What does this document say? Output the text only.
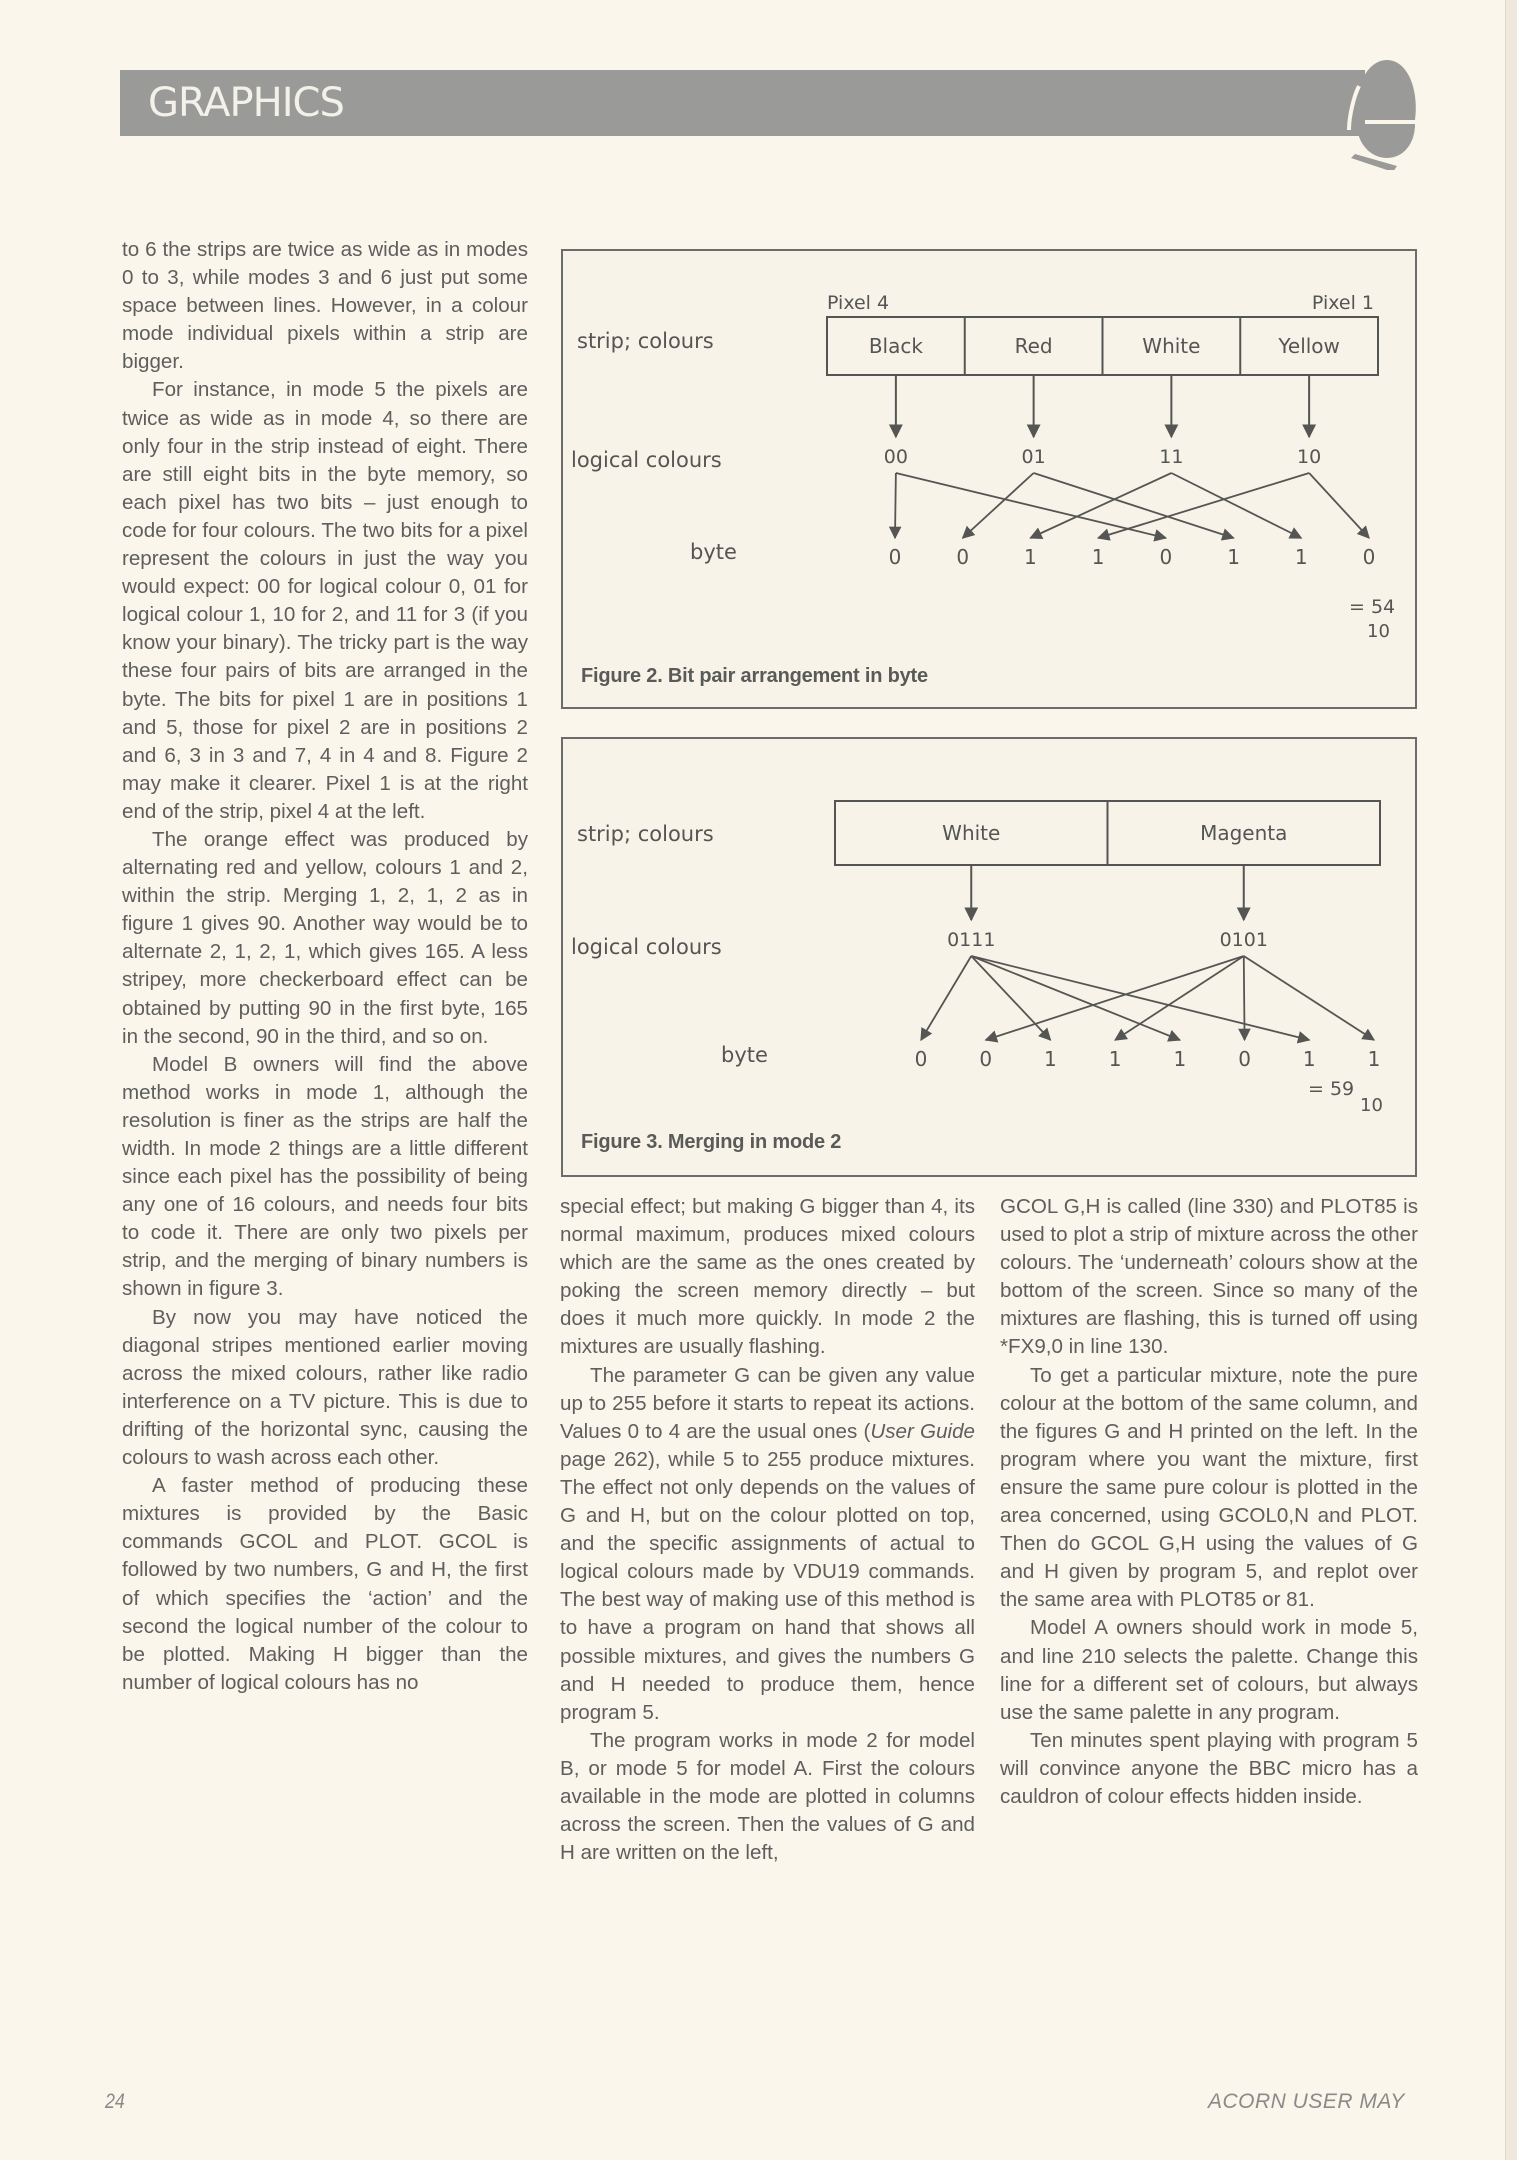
GRAPHICS

to 6 the strips are twice as wide as in modes 0 to 3, while modes 3 and 6 just put some space between lines. However, in a colour mode individual pixels within a strip are bigger.

For instance, in mode 5 the pixels are twice as wide as in mode 4, so there are only four in the strip instead of eight. There are still eight bits in the byte memory, so each pixel has two bits – just enough to code for four colours. The two bits for a pixel represent the colours in just the way you would expect: 00 for logical colour 0, 01 for logical colour 1, 10 for 2, and 11 for 3 (if you know your binary). The tricky part is the way these four pairs of bits are arranged in the byte. The bits for pixel 1 are in positions 1 and 5, those for pixel 2 are in positions 2 and 6, 3 in 3 and 7, 4 in 4 and 8. Figure 2 may make it clearer. Pixel 1 is at the right end of the strip, pixel 4 at the left.

The orange effect was produced by alternating red and yellow, colours 1 and 2, within the strip. Merging 1, 2, 1, 2 as in figure 1 gives 90. Another way would be to alternate 2, 1, 2, 1, which gives 165. A less stripey, more checkerboard effect can be obtained by putting 90 in the first byte, 165 in the second, 90 in the third, and so on.

Model B owners will find the above method works in mode 1, although the resolution is finer as the strips are half the width. In mode 2 things are a little different since each pixel has the possibility of being any one of 16 colours, and needs four bits to code it. There are only two pixels per strip, and the merging of binary numbers is shown in figure 3.

By now you may have noticed the diagonal stripes mentioned earlier moving across the mixed colours, rather like radio interference on a TV picture. This is due to drifting of the horizontal sync, causing the colours to wash across each other.

A faster method of producing these mixtures is provided by the Basic commands GCOL and PLOT. GCOL is followed by two numbers, G and H, the first of which specifies the ‘action’ and the second the logical number of the colour to be plotted. Making H bigger than the number of logical colours has no

strip; colours
logical colours
byte
Black
00
Red
01
White
11
Yellow
10
0	0	1	1	0	1	1	0
= 54
10
Pixel 4	Pixel 1
Figure 2. Bit pair arrangement in byte
strip; colours
logical colours
byte
White
0111
Magenta
0101
0	0	1	1	1	0	1	1
= 59
10
Figure 3. Merging in mode 2

special effect; but making G bigger than 4, its normal maximum, produces mixed colours which are the same as the ones created by poking the screen memory directly – but does it much more quickly. In mode 2 the mixtures are usually flashing.

The parameter G can be given any value up to 255 before it starts to repeat its actions. Values 0 to 4 are the usual ones (User Guide page 262), while 5 to 255 produce mixtures. The effect not only depends on the values of G and H, but on the colour plotted on top, and the specific assignments of actual to logical colours made by VDU19 commands. The best way of making use of this method is to have a program on hand that shows all possible mixtures, and gives the numbers G and H needed to produce them, hence program 5.

The program works in mode 2 for model B, or mode 5 for model A. First the colours available in the mode are plotted in columns across the screen. Then the values of G and H are written on the left,

GCOL G,H is called (line 330) and PLOT85 is used to plot a strip of mixture across the other colours. The ‘underneath’ colours show at the bottom of the screen. Since so many of the mixtures are flashing, this is turned off using *FX9,0 in line 130.

To get a particular mixture, note the pure colour at the bottom of the same column, and the figures G and H printed on the left. In the program where you want the mixture, first ensure the same pure colour is plotted in the area concerned, using GCOL0,N and PLOT. Then do GCOL G,H using the values of G and H given by program 5, and replot over the same area with PLOT85 or 81.

Model A owners should work in mode 5, and line 210 selects the palette. Change this line for a different set of colours, but always use the same palette in any program.

Ten minutes spent playing with program 5 will convince anyone the BBC micro has a cauldron of colour effects hidden inside.

24	ACORN USER MAY
